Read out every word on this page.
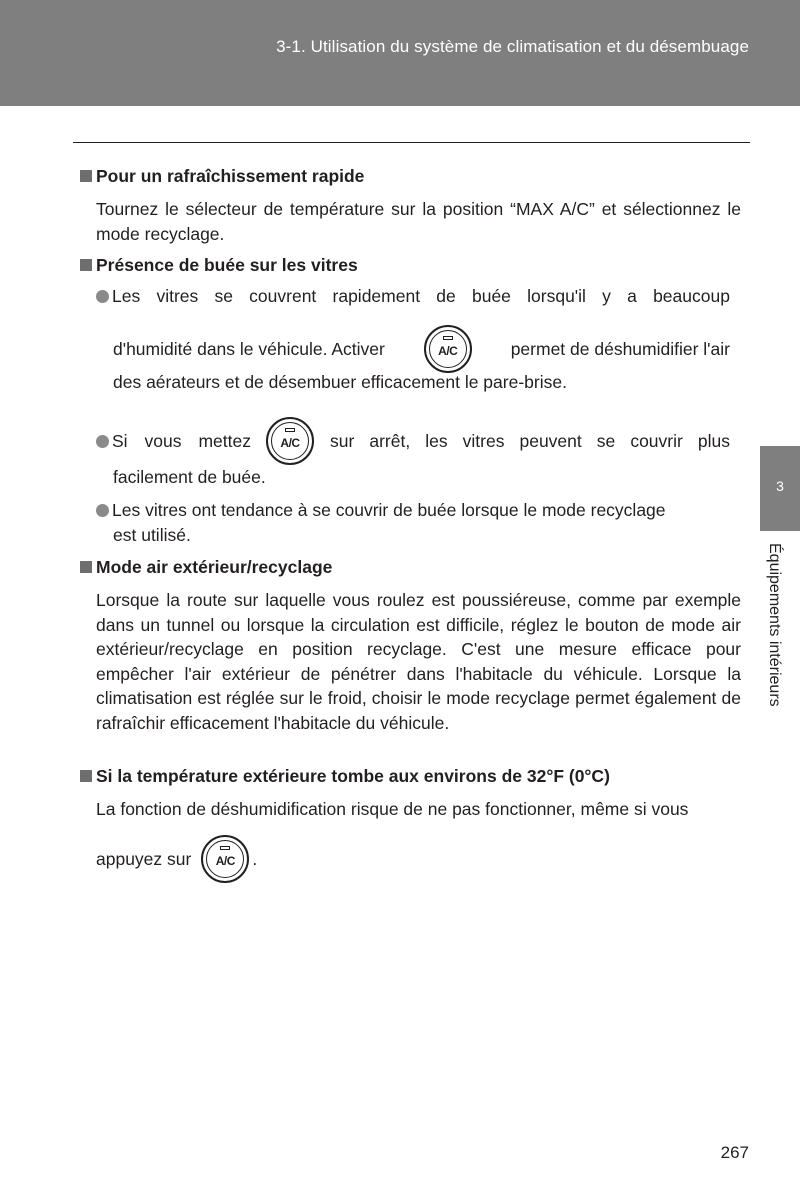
3-1. Utilisation du système de climatisation et du désembuage
3
Équipements intérieurs
Pour un rafraîchissement rapide
Tournez le sélecteur de température sur la position “MAX A/C” et sélectionnez le mode recyclage.
Présence de buée sur les vitres
Les vitres se couvrent rapidement de buée lorsqu'il y a beaucoup
d'humidité dans le véhicule. Activer	A/C	permet de déshumidifier l'air
des aérateurs et de désembuer efficacement le pare-brise.
Si vous mettez	A/C	sur arrêt, les vitres peuvent se couvrir plus
facilement de buée.
Les vitres ont tendance à se couvrir de buée lorsque le mode recyclage
est utilisé.
Mode air extérieur/recyclage
Lorsque la route sur laquelle vous roulez est poussiéreuse, comme par exemple dans un tunnel ou lorsque la circulation est difficile, réglez le bouton de mode air extérieur/recyclage en position recyclage. C'est une mesure efficace pour empêcher l'air extérieur de pénétrer dans l'habitacle du véhicule. Lorsque la climatisation est réglée sur le froid, choisir le mode recyclage permet également de rafraîchir efficacement l'habitacle du véhicule.
Si la température extérieure tombe aux environs de 32°F (0°C)
La fonction de déshumidification risque de ne pas fonctionner, même si vous
appuyez sur	A/C .
267
